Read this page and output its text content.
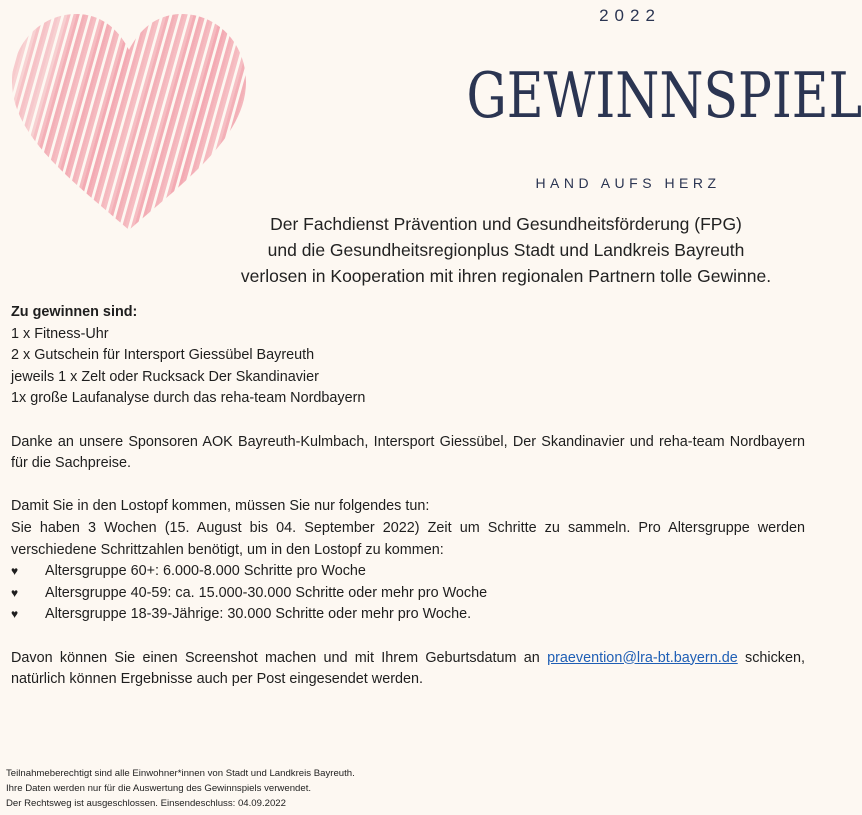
2022
GEWINNSPIEL
HAND AUFS HERZ
Der Fachdienst Prävention und Gesundheitsförderung (FPG)
und die Gesundheitsregionplus Stadt und Landkreis Bayreuth
verlosen in Kooperation mit ihren regionalen Partnern tolle Gewinne.

Zu gewinnen sind:

1 x Fitness-Uhr

2 x Gutschein für Intersport Giessübel Bayreuth

jeweils 1 x Zelt oder Rucksack Der Skandinavier

1x große Laufanalyse durch das reha-team Nordbayern

Danke an unsere Sponsoren AOK Bayreuth-Kulmbach, Intersport Giessübel, Der Skandinavier und reha-team Nordbayern für die Sachpreise.

Damit Sie in den Lostopf kommen, müssen Sie nur folgendes tun:

Sie haben 3 Wochen (15. August bis 04. September 2022) Zeit um Schritte zu sammeln. Pro Altersgruppe werden verschiedene Schrittzahlen benötigt, um in den Lostopf zu kommen:

♥ Altersgruppe 60+: 6.000-8.000 Schritte pro Woche
♥ Altersgruppe 40-59: ca. 15.000-30.000 Schritte oder mehr pro Woche
♥ Altersgruppe 18-39-Jährige: 30.000 Schritte oder mehr pro Woche.

Davon können Sie einen Screenshot machen und mit Ihrem Geburtsdatum an praevention@lra-bt.bayern.de schicken, natürlich können Ergebnisse auch per Post eingesendet werden.

Teilnahmeberechtigt sind alle Einwohner*innen von Stadt und Landkreis Bayreuth.
Ihre Daten werden nur für die Auswertung des Gewinnspiels verwendet.
Der Rechtsweg ist ausgeschlossen. Einsendeschluss: 04.09.2022
